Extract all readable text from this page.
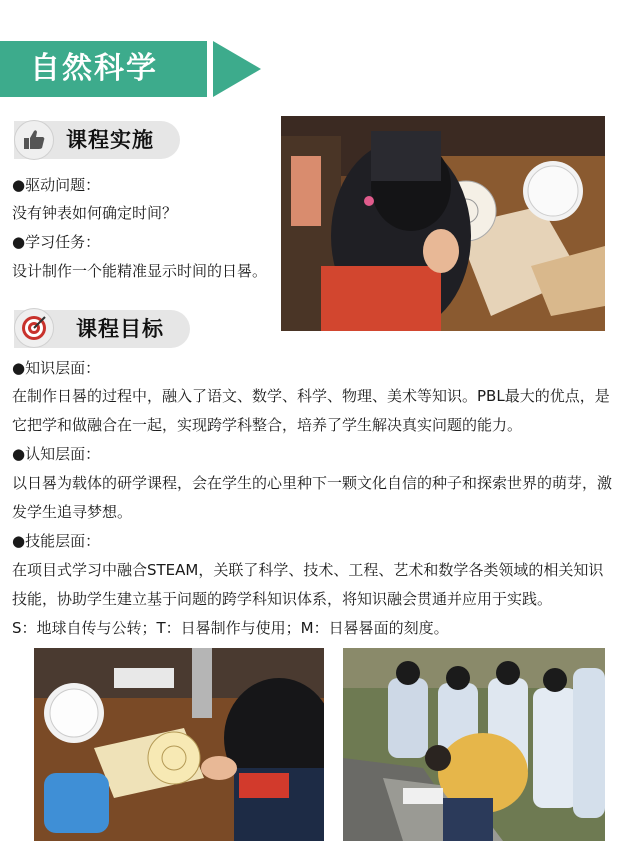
自然科学
课程实施
●驱动问题：
没有钟表如何确定时间？
●学习任务：
设计制作一个能精准显示时间的日晷。
课程目标
●知识层面：
在制作日晷的过程中，融入了语文、数学、科学、物理、美术等知识。PBL最大的优点，是
它把学和做融合在一起，实现跨学科整合，培养了学生解决真实问题的能力。
●认知层面：
以日晷为载体的研学课程，会在学生的心里种下一颗文化自信的种子和探索世界的萌芽，激
发学生追寻梦想。
●技能层面：
在项目式学习中融合STEAM，关联了科学、技术、工程、艺术和数学各类领域的相关知识
技能，协助学生建立基于问题的跨学科知识体系，将知识融会贯通并应用于实践。
S：地球自传与公转；T：日晷制作与使用；M：日晷晷面的刻度。
